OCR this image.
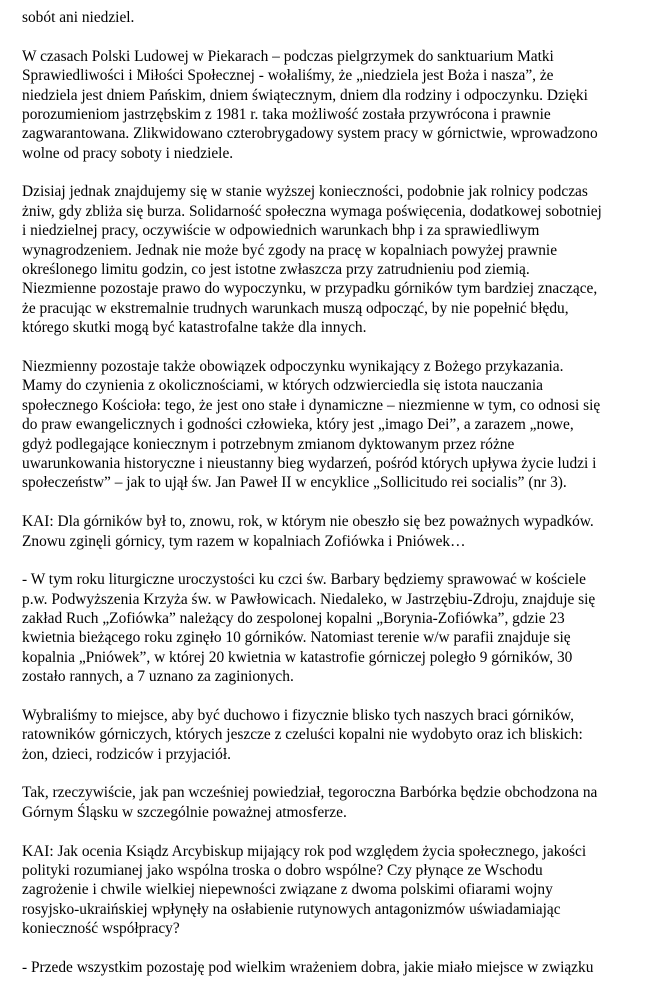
sobót ani niedziel.
W czasach Polski Ludowej w Piekarach – podczas pielgrzymek do sanktuarium Matki
Sprawiedliwości i Miłości Społecznej - wołaliśmy, że „niedziela jest Boża i nasza”, że
niedziela jest dniem Pańskim, dniem świątecznym, dniem dla rodziny i odpoczynku. Dzięki
porozumieniom jastrzębskim z 1981 r. taka możliwość została przywrócona i prawnie
zagwarantowana. Zlikwidowano czterobrygadowy system pracy w górnictwie, wprowadzono
wolne od pracy soboty i niedziele.
Dzisiaj jednak znajdujemy się w stanie wyższej konieczności, podobnie jak rolnicy podczas
żniw, gdy zbliża się burza. Solidarność społeczna wymaga poświęcenia, dodatkowej sobotniej
i niedzielnej pracy, oczywiście w odpowiednich warunkach bhp i za sprawiedliwym
wynagrodzeniem. Jednak nie może być zgody na pracę w kopalniach powyżej prawnie
określonego limitu godzin, co jest istotne zwłaszcza przy zatrudnieniu pod ziemią.
Niezmienne pozostaje prawo do wypoczynku, w przypadku górników tym bardziej znaczące,
że pracując w ekstremalnie trudnych warunkach muszą odpocząć, by nie popełnić błędu,
którego skutki mogą być katastrofalne także dla innych.
Niezmienny pozostaje także obowiązek odpoczynku wynikający z Bożego przykazania.
Mamy do czynienia z okolicznościami, w których odzwierciedla się istota nauczania
społecznego Kościoła: tego, że jest ono stałe i dynamiczne – niezmienne w tym, co odnosi się
do praw ewangelicznych i godności człowieka, który jest „imago Dei”, a zarazem „nowe,
gdyż podlegające koniecznym i potrzebnym zmianom dyktowanym przez różne
uwarunkowania historyczne i nieustanny bieg wydarzeń, pośród których upływa życie ludzi i
społeczeństw” – jak to ujął św. Jan Paweł II w encyklice „Sollicitudo rei socialis” (nr 3).
KAI: Dla górników był to, znowu, rok, w którym nie obeszło się bez poważnych wypadków.
Znowu zginęli górnicy, tym razem w kopalniach Zofiówka i Pniówek…
- W tym roku liturgiczne uroczystości ku czci św. Barbary będziemy sprawować w kościele
p.w. Podwyższenia Krzyża św. w Pawłowicach. Niedaleko, w Jastrzębiu-Zdroju, znajduje się
zakład Ruch „Zofiówka” należący do zespolonej kopalni „Borynia-Zofiówka”, gdzie 23
kwietnia bieżącego roku zginęło 10 górników. Natomiast terenie w/w parafii znajduje się
kopalnia „Pniówek”, w której 20 kwietnia w katastrofie górniczej poległo 9 górników, 30
zostało rannych, a 7 uznano za zaginionych.
Wybraliśmy to miejsce, aby być duchowo i fizycznie blisko tych naszych braci górników,
ratowników górniczych, których jeszcze z czeluści kopalni nie wydobyto oraz ich bliskich:
żon, dzieci, rodziców i przyjaciół.
Tak, rzeczywiście, jak pan wcześniej powiedział, tegoroczna Barbórka będzie obchodzona na
Górnym Śląsku w szczególnie poważnej atmosferze.
KAI: Jak ocenia Ksiądz Arcybiskup mijający rok pod względem życia społecznego, jakości
polityki rozumianej jako wspólna troska o dobro wspólne? Czy płynące ze Wschodu
zagrożenie i chwile wielkiej niepewności związane z dwoma polskimi ofiarami wojny
rosyjsko-ukraińskiej wpłynęły na osłabienie rutynowych antagonizmów uświadamiając
konieczność współpracy?
- Przede wszystkim pozostaję pod wielkim wrażeniem dobra, jakie miało miejsce w związku
